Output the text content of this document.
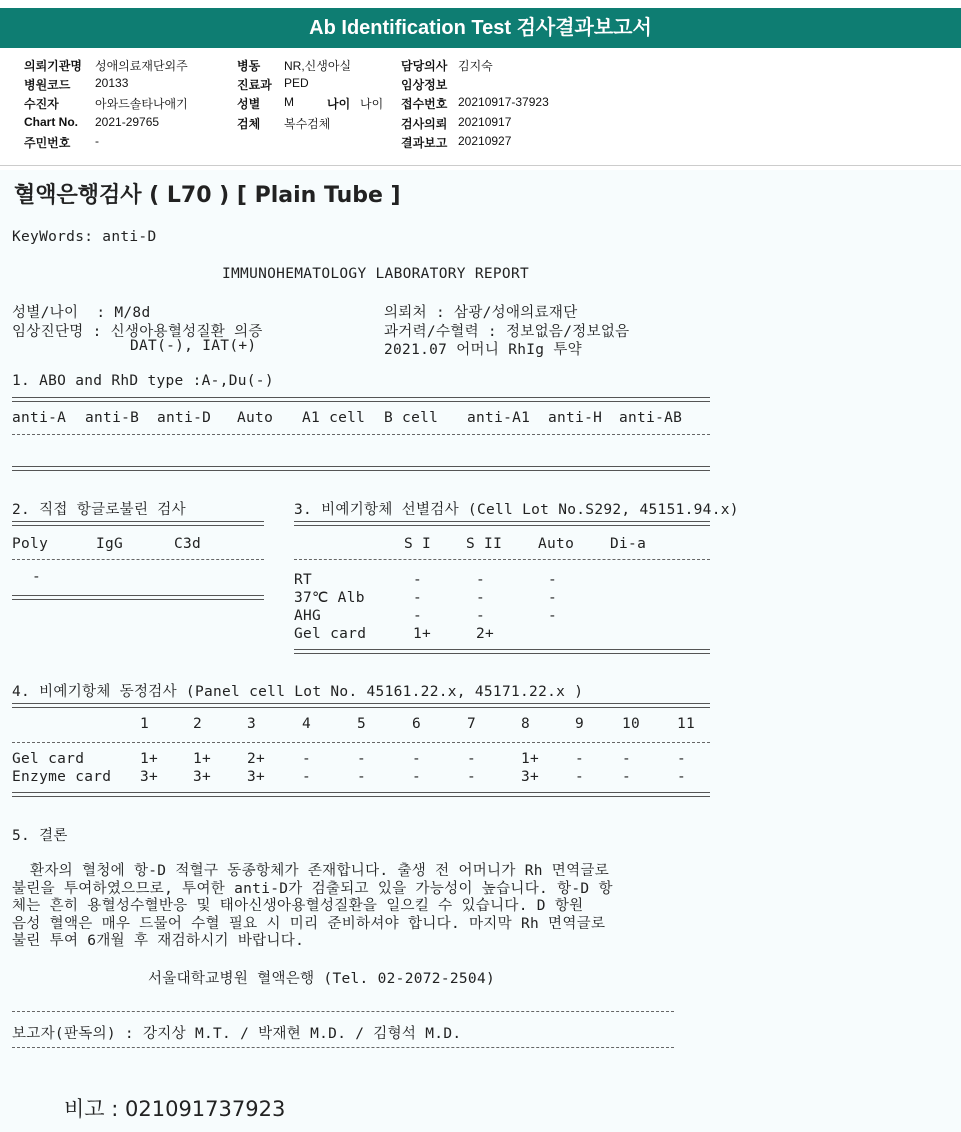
Ab Identification Test 검사결과보고서
의뢰기관명 성애의료재단외주
병원코드 20133
수진자	아와드솔타나애기
Chart No. 2021-29765
주민번호 -
병동 NR,신생아실
진료과 PED
성별 M
검체 복수검체
나이 나이
담당의사 김지숙
임상정보
접수번호 20210917-37923
검사의뢰 20210917
결과보고 20210927
혈액은행검사 ( L70 ) [ Plain Tube ]
KeyWords: anti-D
IMMUNOHEMATOLOGY LABORATORY REPORT
성별/나이  : M/8d
임상진단명 : 신생아용혈성질환 의증
DAT(-), IAT(+)
의뢰처 : 삼광/성애의료재단
과거력/수혈력 : 정보없음/정보없음
2021.07 어머니 RhIg 투약
1. ABO and RhD type :A-,Du(-)
anti-A anti-B anti-D Auto A1 cell B cell anti-A1 anti-H anti-AB
2. 직접 항글로불린 검사
Poly	IgG	C3d
-
3. 비예기항체 선별검사 (Cell Lot No.S292, 45151.94.x)
S I S II Auto Di-a
RT	-	-	-
37℃ Alb	-	-	-
AHG	-	-	-
Gel card	1+	2+
4. 비예기항체 동정검사 (Panel cell Lot No. 45161.22.x, 45171.22.x )
1	2	3	4	5	6	7	8	9	10	11
Gel card	1+ 1+ 2+	-	-	-	-	1+ -	-	-
Enzyme card 3+ 3+ 3+	-	-	-	-	3+ -	-	-
5. 결론
환자의 혈청에 항-D 적혈구 동종항체가 존재합니다. 출생 전 어머니가 Rh 면역글로
불린을 투여하였으므로, 투여한 anti-D가 검출되고 있을 가능성이 높습니다. 항-D 항
체는 흔히 용혈성수혈반응 및 태아신생아용혈성질환을 일으킬 수 있습니다. D 항원
음성 혈액은 매우 드물어 수혈 필요 시 미리 준비하셔야 합니다. 마지막 Rh 면역글로
불린 투여 6개월 후 재검하시기 바랍니다.
서울대학교병원 혈액은행 (Tel. 02-2072-2504)
보고자(판독의) : 강지상 M.T. / 박재현 M.D. / 김형석 M.D.
비고 : 021091737923
